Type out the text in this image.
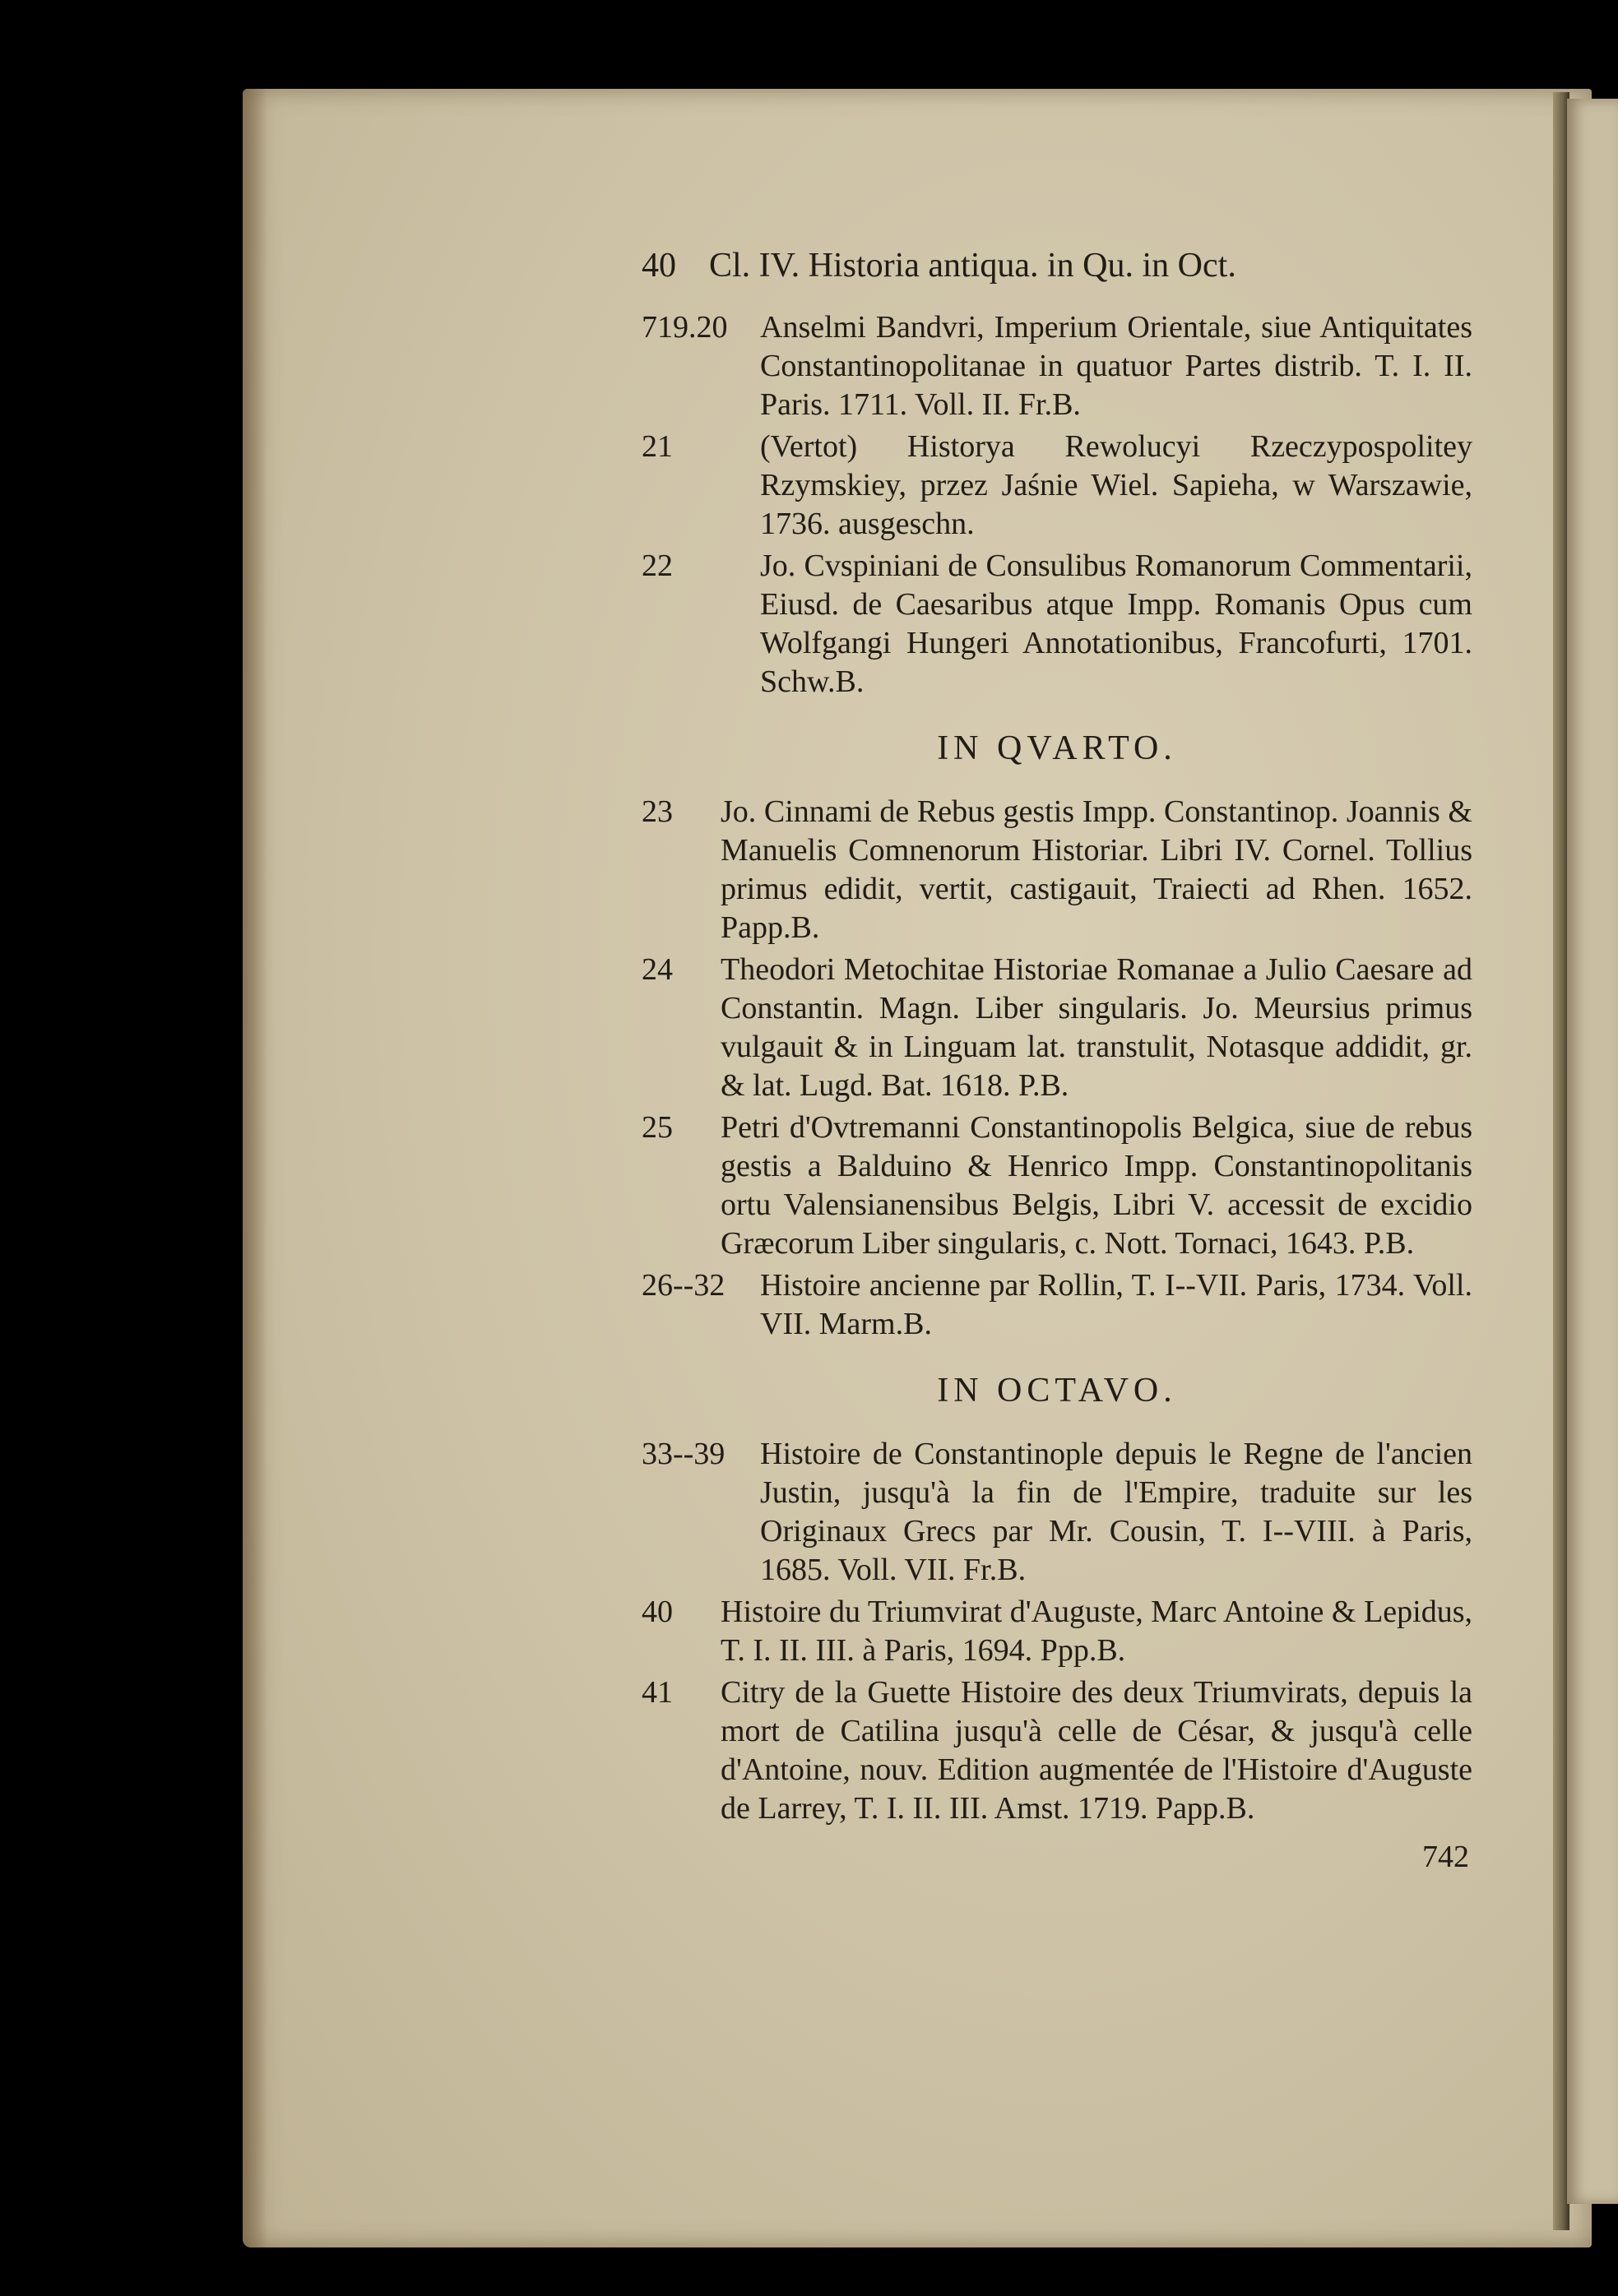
40 Cl. IV. Historia antiqua. in Qu. in Oct.
719.20	Anselmi Bandvri, Imperium Orientale, siue Antiquitates Constantinopolitanae in quatuor Partes distrib. T. I. II. Paris. 1711. Voll. II. Fr.B.
21	(Vertot) Historya Rewolucyi Rzeczypospolitey Rzymskiey, przez Jaśnie Wiel. Sapieha, w Warszawie, 1736. ausgeschn.
22	Jo. Cvspiniani de Consulibus Romanorum Commentarii, Eiusd. de Caesaribus atque Impp. Romanis Opus cum Wolfgangi Hungeri Annotationibus, Francofurti, 1701. Schw.B.
IN QVARTO.
23	Jo. Cinnami de Rebus gestis Impp. Constantinop. Joannis & Manuelis Comnenorum Historiar. Libri IV. Cornel. Tollius primus edidit, vertit, castigauit, Traiecti ad Rhen. 1652. Papp.B.
24	Theodori Metochitae Historiae Romanae a Julio Caesare ad Constantin. Magn. Liber singularis. Jo. Meursius primus vulgauit & in Linguam lat. transtulit, Notasque addidit, gr. & lat. Lugd. Bat. 1618. P.B.
25	Petri d'Ovtremanni Constantinopolis Belgica, siue de rebus gestis a Balduino & Henrico Impp. Constantinopolitanis ortu Valensianensibus Belgis, Libri V. accessit de excidio Græcorum Liber singularis, c. Nott. Tornaci, 1643. P.B.
26--32	Histoire ancienne par Rollin, T. I--VII. Paris, 1734. Voll. VII. Marm.B.
IN OCTAVO.
33--39	Histoire de Constantinople depuis le Regne de l'ancien Justin, jusqu'à la fin de l'Empire, traduite sur les Originaux Grecs par Mr. Cousin, T. I--VIII. à Paris, 1685. Voll. VII. Fr.B.
40	Histoire du Triumvirat d'Auguste, Marc Antoine & Lepidus, T. I. II. III. à Paris, 1694. Ppp.B.
41	Citry de la Guette Histoire des deux Triumvirats, depuis la mort de Catilina jusqu'à celle de César, & jusqu'à celle d'Antoine, nouv. Edition augmentée de l'Histoire d'Auguste de Larrey, T. I. II. III. Amst. 1719. Papp.B.
742
